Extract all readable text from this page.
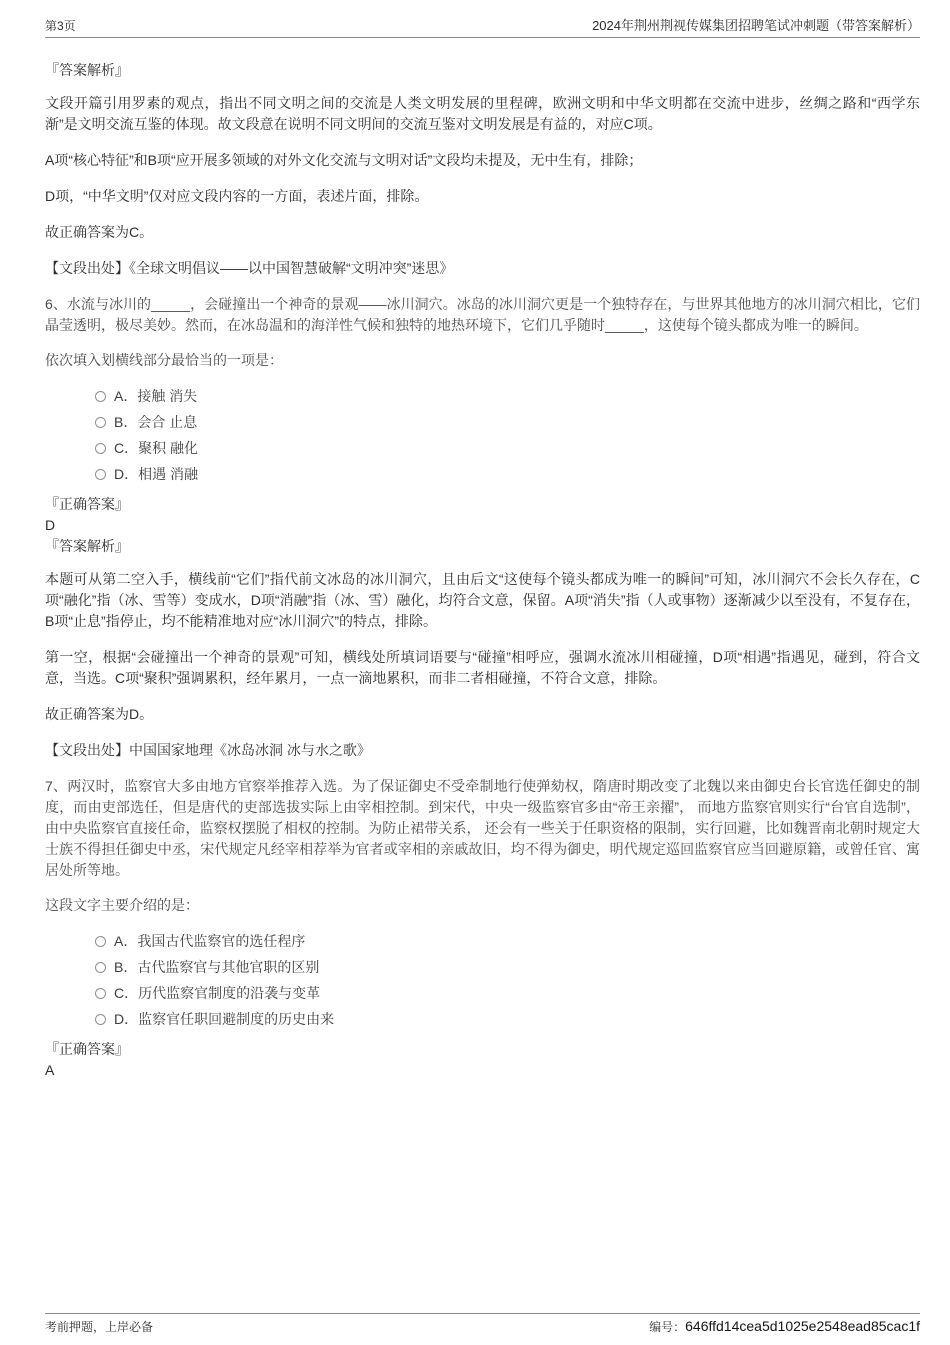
第3页	2024年荆州荆视传媒集团招聘笔试冲刺题（带答案解析）
『答案解析』

文段开篇引用罗素的观点，指出不同文明之间的交流是人类文明发展的里程碑，欧洲文明和中华文明都在交流中进步，丝绸之路和“西学东渐”是文明交流互鉴的体现。故文段意在说明不同文明间的交流互鉴对文明发展是有益的，对应C项。

A项“核心特征”和B项“应开展多领域的对外文化交流与文明对话”文段均未提及，无中生有，排除；

D项，“中华文明”仅对应文段内容的一方面，表述片面，排除。

故正确答案为C。

【文段出处】《全球文明倡议——以中国智慧破解“文明冲突”迷思》

6、水流与冰川的_____，会碰撞出一个神奇的景观——冰川洞穴。冰岛的冰川洞穴更是一个独特存在，与世界其他地方的冰川洞穴相比，它们晶莹透明，极尽美妙。然而，在冰岛温和的海洋性气候和独特的地热环境下，它们几乎随时_____，这使每个镜头都成为唯一的瞬间。

依次填入划横线部分最恰当的一项是：

A．接触 消失
B．会合 止息
C．聚积 融化
D．相遇 消融
『正确答案』
D
『答案解析』

本题可从第二空入手，横线前“它们”指代前文冰岛的冰川洞穴，且由后文“这使每个镜头都成为唯一的瞬间”可知，冰川洞穴不会长久存在，C项“融化”指（冰、雪等）变成水，D项“消融”指（冰、雪）融化，均符合文意，保留。A项“消失”指（人或事物）逐渐减少以至没有，不复存在，B项“止息”指停止，均不能精准地对应“冰川洞穴”的特点，排除。

第一空，根据“会碰撞出一个神奇的景观”可知，横线处所填词语要与“碰撞”相呼应，强调水流冰川相碰撞，D项“相遇”指遇见，碰到，符合文意，当选。C项“聚积”强调累积，经年累月，一点一滴地累积，而非二者相碰撞，不符合文意，排除。

故正确答案为D。

【文段出处】中国国家地理《冰岛冰洞 冰与水之歌》

7、两汉时，监察官大多由地方官察举推荐入选。为了保证御史不受牵制地行使弹劾权，隋唐时期改变了北魏以来由御史台长官选任御史的制度，而由吏部选任，但是唐代的吏部选拔实际上由宰相控制。到宋代，中央一级监察官多由“帝王亲擢”， 而地方监察官则实行“台官自选制”，由中央监察官直接任命，监察权摆脱了相权的控制。为防止裙带关系， 还会有一些关于任职资格的限制，实行回避，比如魏晋南北朝时规定大士族不得担任御史中丞，宋代规定凡经宰相荐举为官者或宰相的亲戚故旧，均不得为御史，明代规定巡回监察官应当回避原籍，或曾任官、寓居处所等地。

这段文字主要介绍的是：

A．我国古代监察官的选任程序
B．古代监察官与其他官职的区别
C．历代监察官制度的沿袭与变革
D．监察官任职回避制度的历史由来
『正确答案』
A
考前押题，上岸必备	编号：646ffd14cea5d1025e2548ead85cac1f
